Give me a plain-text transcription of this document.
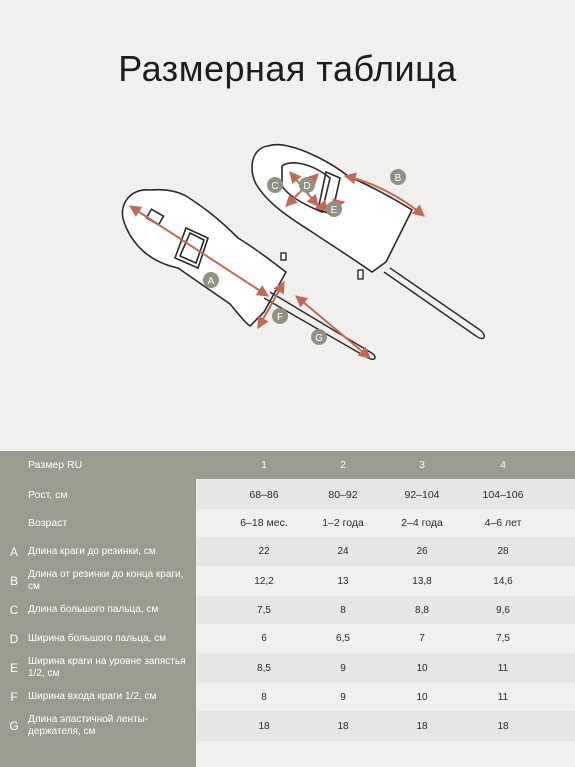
Размерная таблица
A
B
C D
E
F
G
Размер RU	1	2	3	4
Рост, см	68–86	80–92	92–104	104–106
Возраст	6–18 мес.	1–2 года	2–4 года	4–6 лет
A	Длина краги до резинки, см	22	24	26	28
B	Длина от резинки до конца краги, см	12,2	13	13,8	14,6
C Длина большого пальца, см	7,5	8	8,8	9,6
D Ширина большого пальца, см	6	6,5	7	7,5
E	Ширина краги на уровне запястья 1/2, см	8,5	9	10	11
F	Ширина входа краги 1/2, см	8	9	10	11
G Длина эластичной ленты-держателя, см	18	18	18	18
